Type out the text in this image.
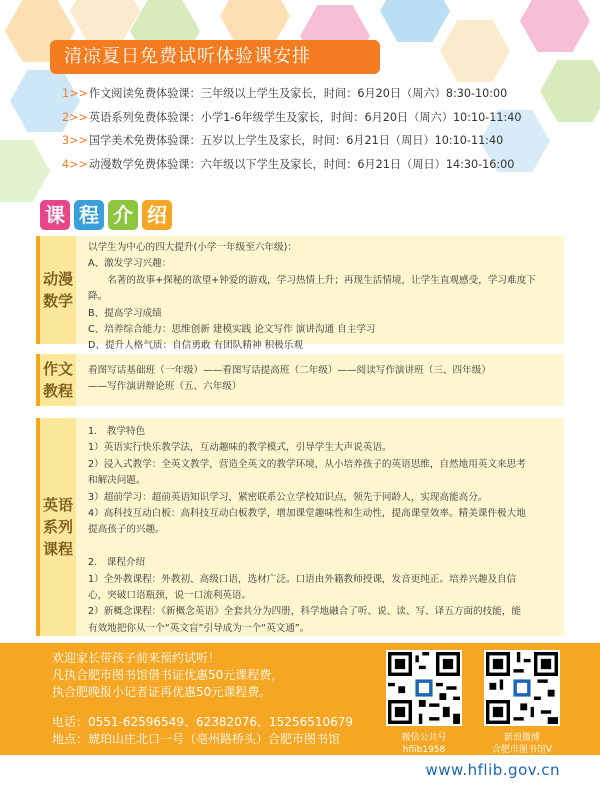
清凉夏日免费试听体验课安排
1>>作文阅读免费体验课：三年级以上学生及家长，时间：6月20日（周六）8:30-10:00
2>>英语系列免费体验课：小学1-6年级学生及家长，时间：6月20日（周六）10:10-11:40
3>>国学美术免费体验课：五岁以上学生及家长，时间：6月21日（周日）10:10-11:40
4>>动漫数学免费体验课：六年级以下学生及家长，时间：6月21日（周日）14:30-16:00
课 程 介 绍
动漫数学
以学生为中心的四大提升(小学一年级至六年级)：
A、激发学习兴趣：
　　名著的故事+探秘的欲望+钟爱的游戏，学习热情上升；再现生活情境，让学生直观感受，学习难度下降。
B、提高学习成绩
C、培养综合能力：思维创新 建模实践 论文写作 演讲沟通 自主学习
D、提升人格气质：自信勇敢 有团队精神 积极乐观
作文教程
看图写话基础班（一年级）——看图写话提高班（二年级）——阅读写作演讲班（三、四年级）
——写作演讲辩论班（五、六年级）
英语系列课程
1.　教学特色
1）英语实行快乐教学法，互动趣味的教学模式，引导学生大声说英语。
2）浸入式教学：全英文教学，营造全英文的教学环境，从小培养孩子的英语思维，自然地用英文来思考
和解决问题。
3）超前学习：超前英语知识学习，紧密联系公立学校知识点，领先于同龄人，实现高能高分。
4）高科技互动白板：高科技互动白板教学，增加课堂趣味性和生动性，提高课堂效率。精美课件极大地
提高孩子的兴趣。

2.　课程介绍
1）全外教课程：外教初、高级口语，选材广泛。口语由外籍教师授课，发音更纯正。培养兴趣及自信
心，突破口语瓶颈，说一口流利英语。
2）新概念课程：《新概念英语》全套共分为四册，科学地融合了听、说、读、写、译五方面的技能，能
有效地把你从一个“英文盲”引导成为一个“英文通”。
欢迎家长带孩子前来预约试听！
凡执合肥市图书馆借书证优惠50元课程费，
执合肥晚报小记者证再优惠50元课程费。
电话：0551-62596549、62382076、15256510679
地点：琥珀山庄北口一号（亳州路桥头）合肥市图书馆	微信公共号
hflib1958
新浪微博
合肥市图书馆V
www.hflib.gov.cn
